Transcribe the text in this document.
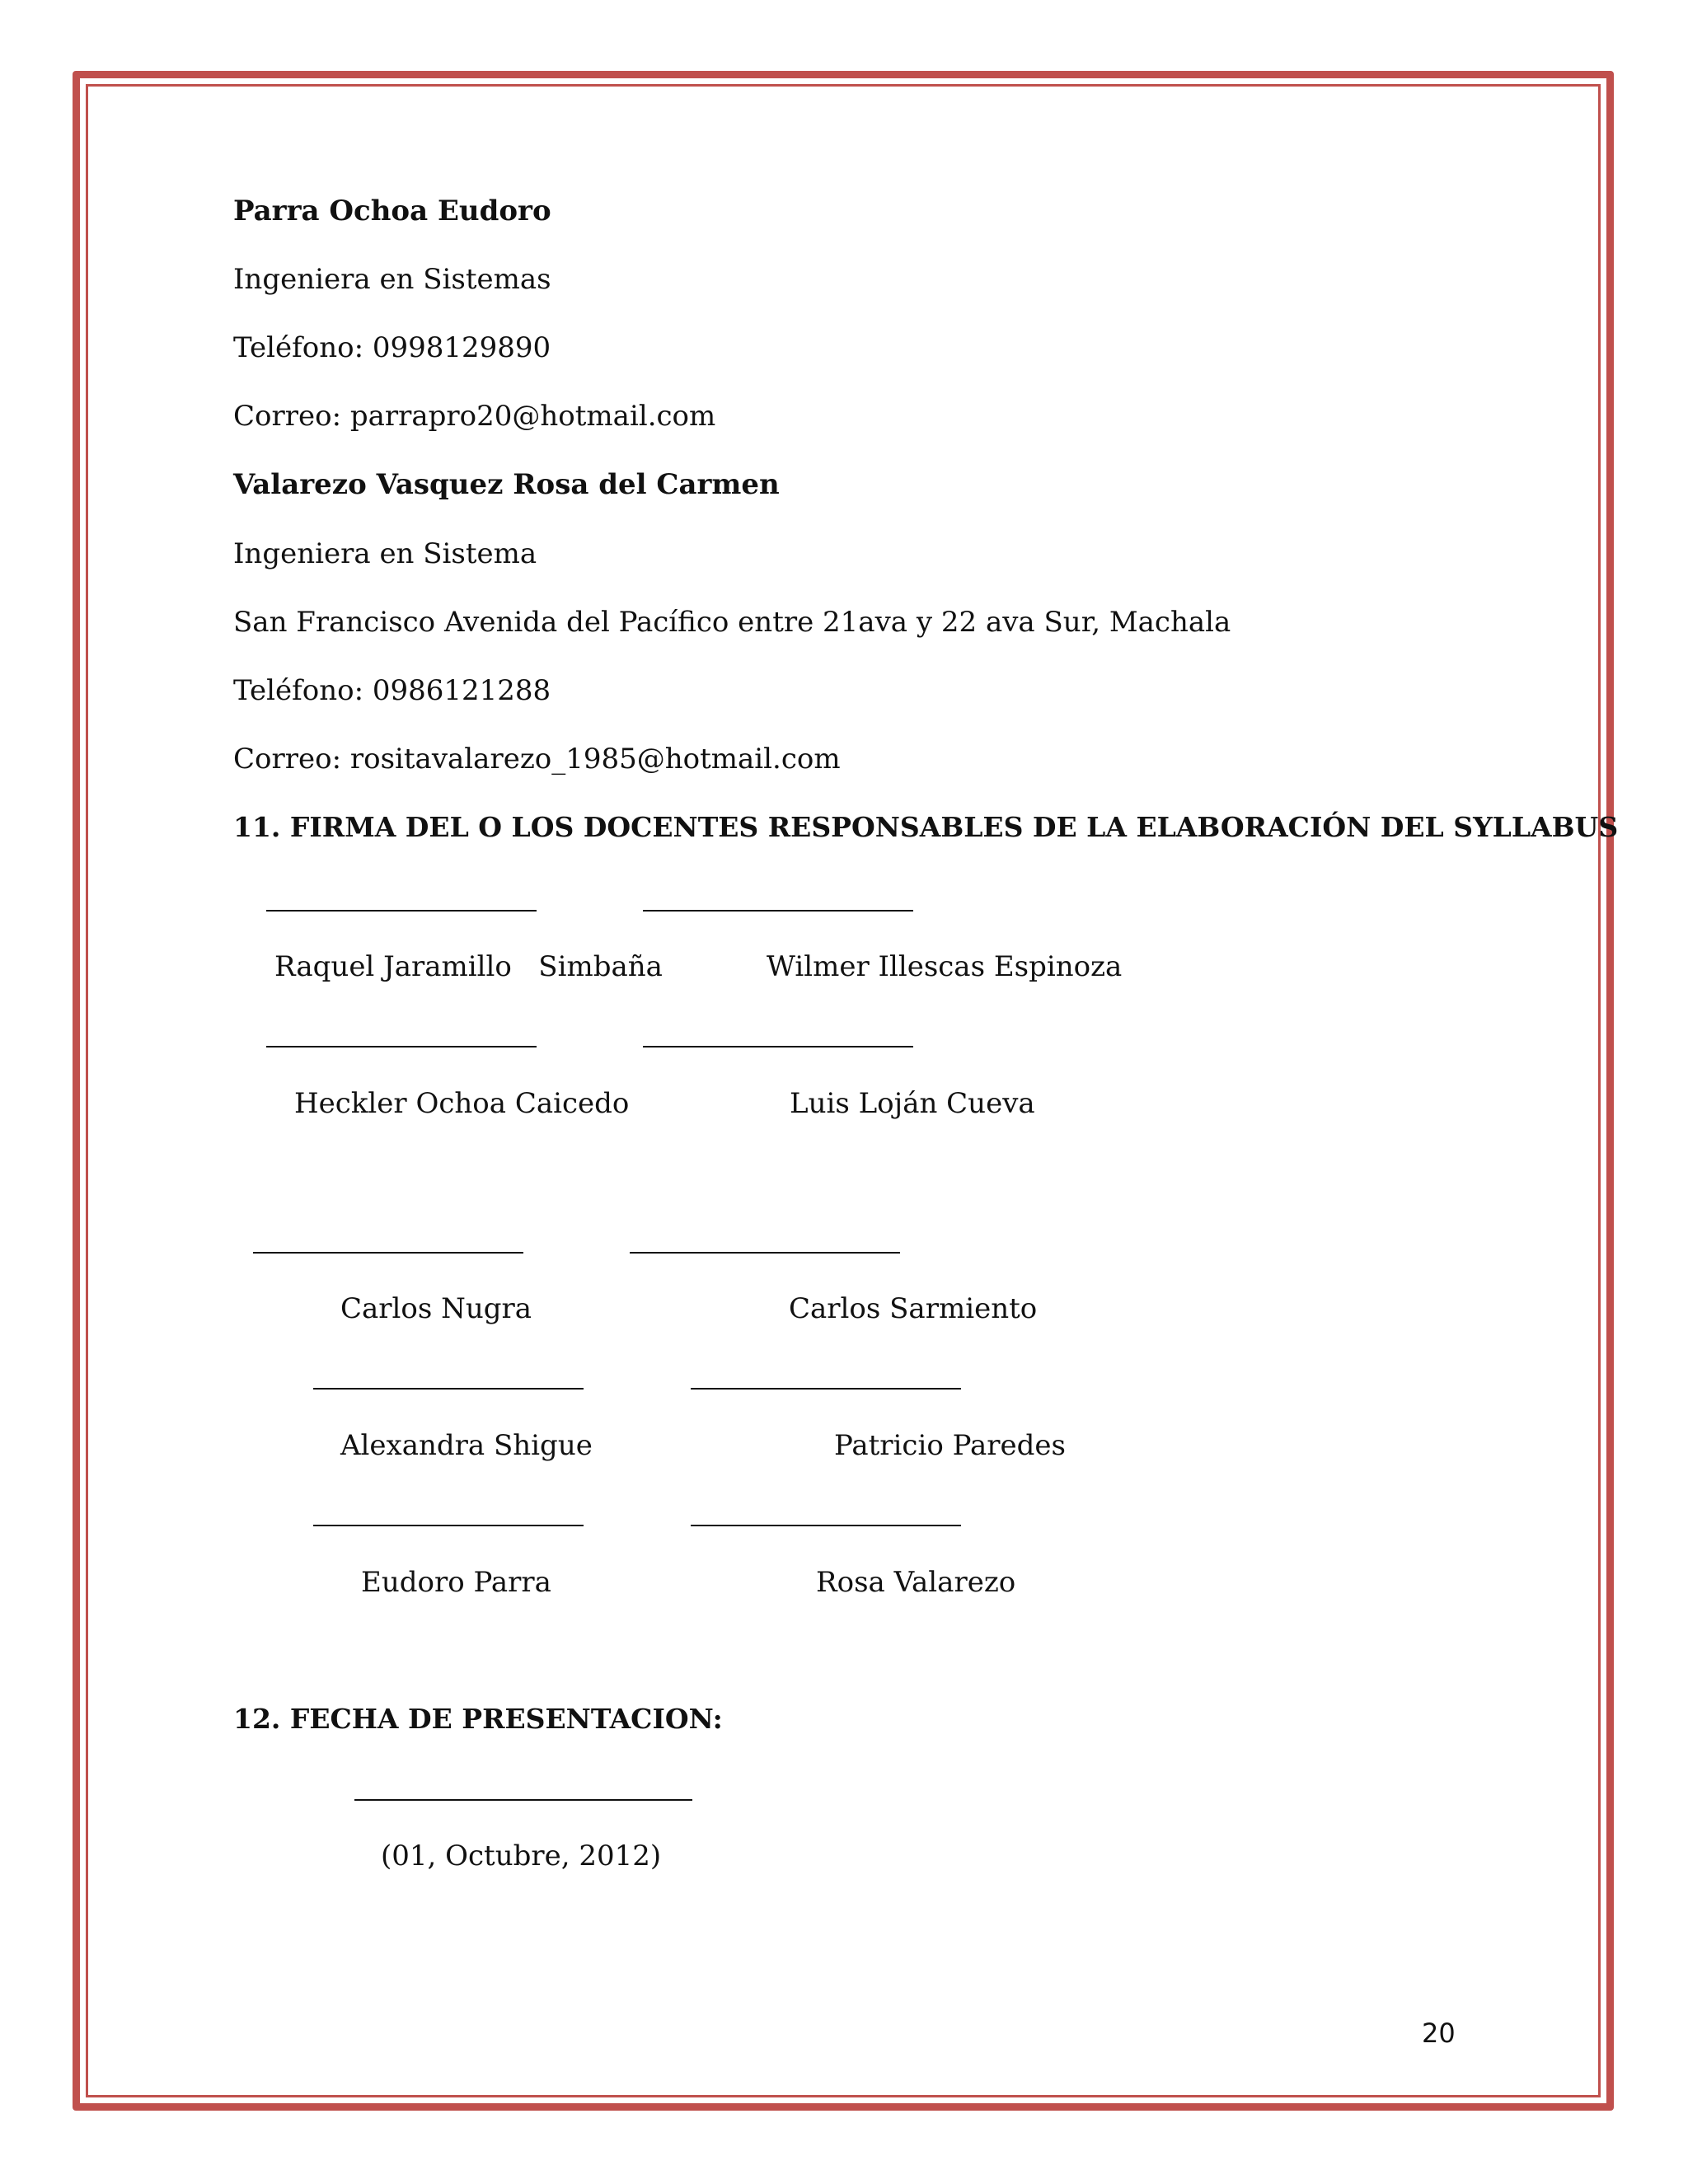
Parra Ochoa Eudoro
Ingeniera en Sistemas
Teléfono: 0998129890
Correo: parrapro20@hotmail.com
Valarezo Vasquez Rosa del Carmen
Ingeniera en Sistema
San Francisco Avenida del Pacífico entre 21ava y 22 ava Sur, Machala
Teléfono: 0986121288
Correo: rositavalarezo_1985@hotmail.com
11. FIRMA DEL O LOS DOCENTES RESPONSABLES DE LA ELABORACIÓN DEL SYLLABUS
Raquel Jaramillo   Simbaña	Wilmer Illescas Espinoza
Heckler Ochoa Caicedo	Luis Loján Cueva
Carlos Nugra	Carlos Sarmiento
Alexandra Shigue	Patricio Paredes
Eudoro Parra	Rosa Valarezo
12. FECHA DE PRESENTACION:
(01, Octubre, 2012)
20
